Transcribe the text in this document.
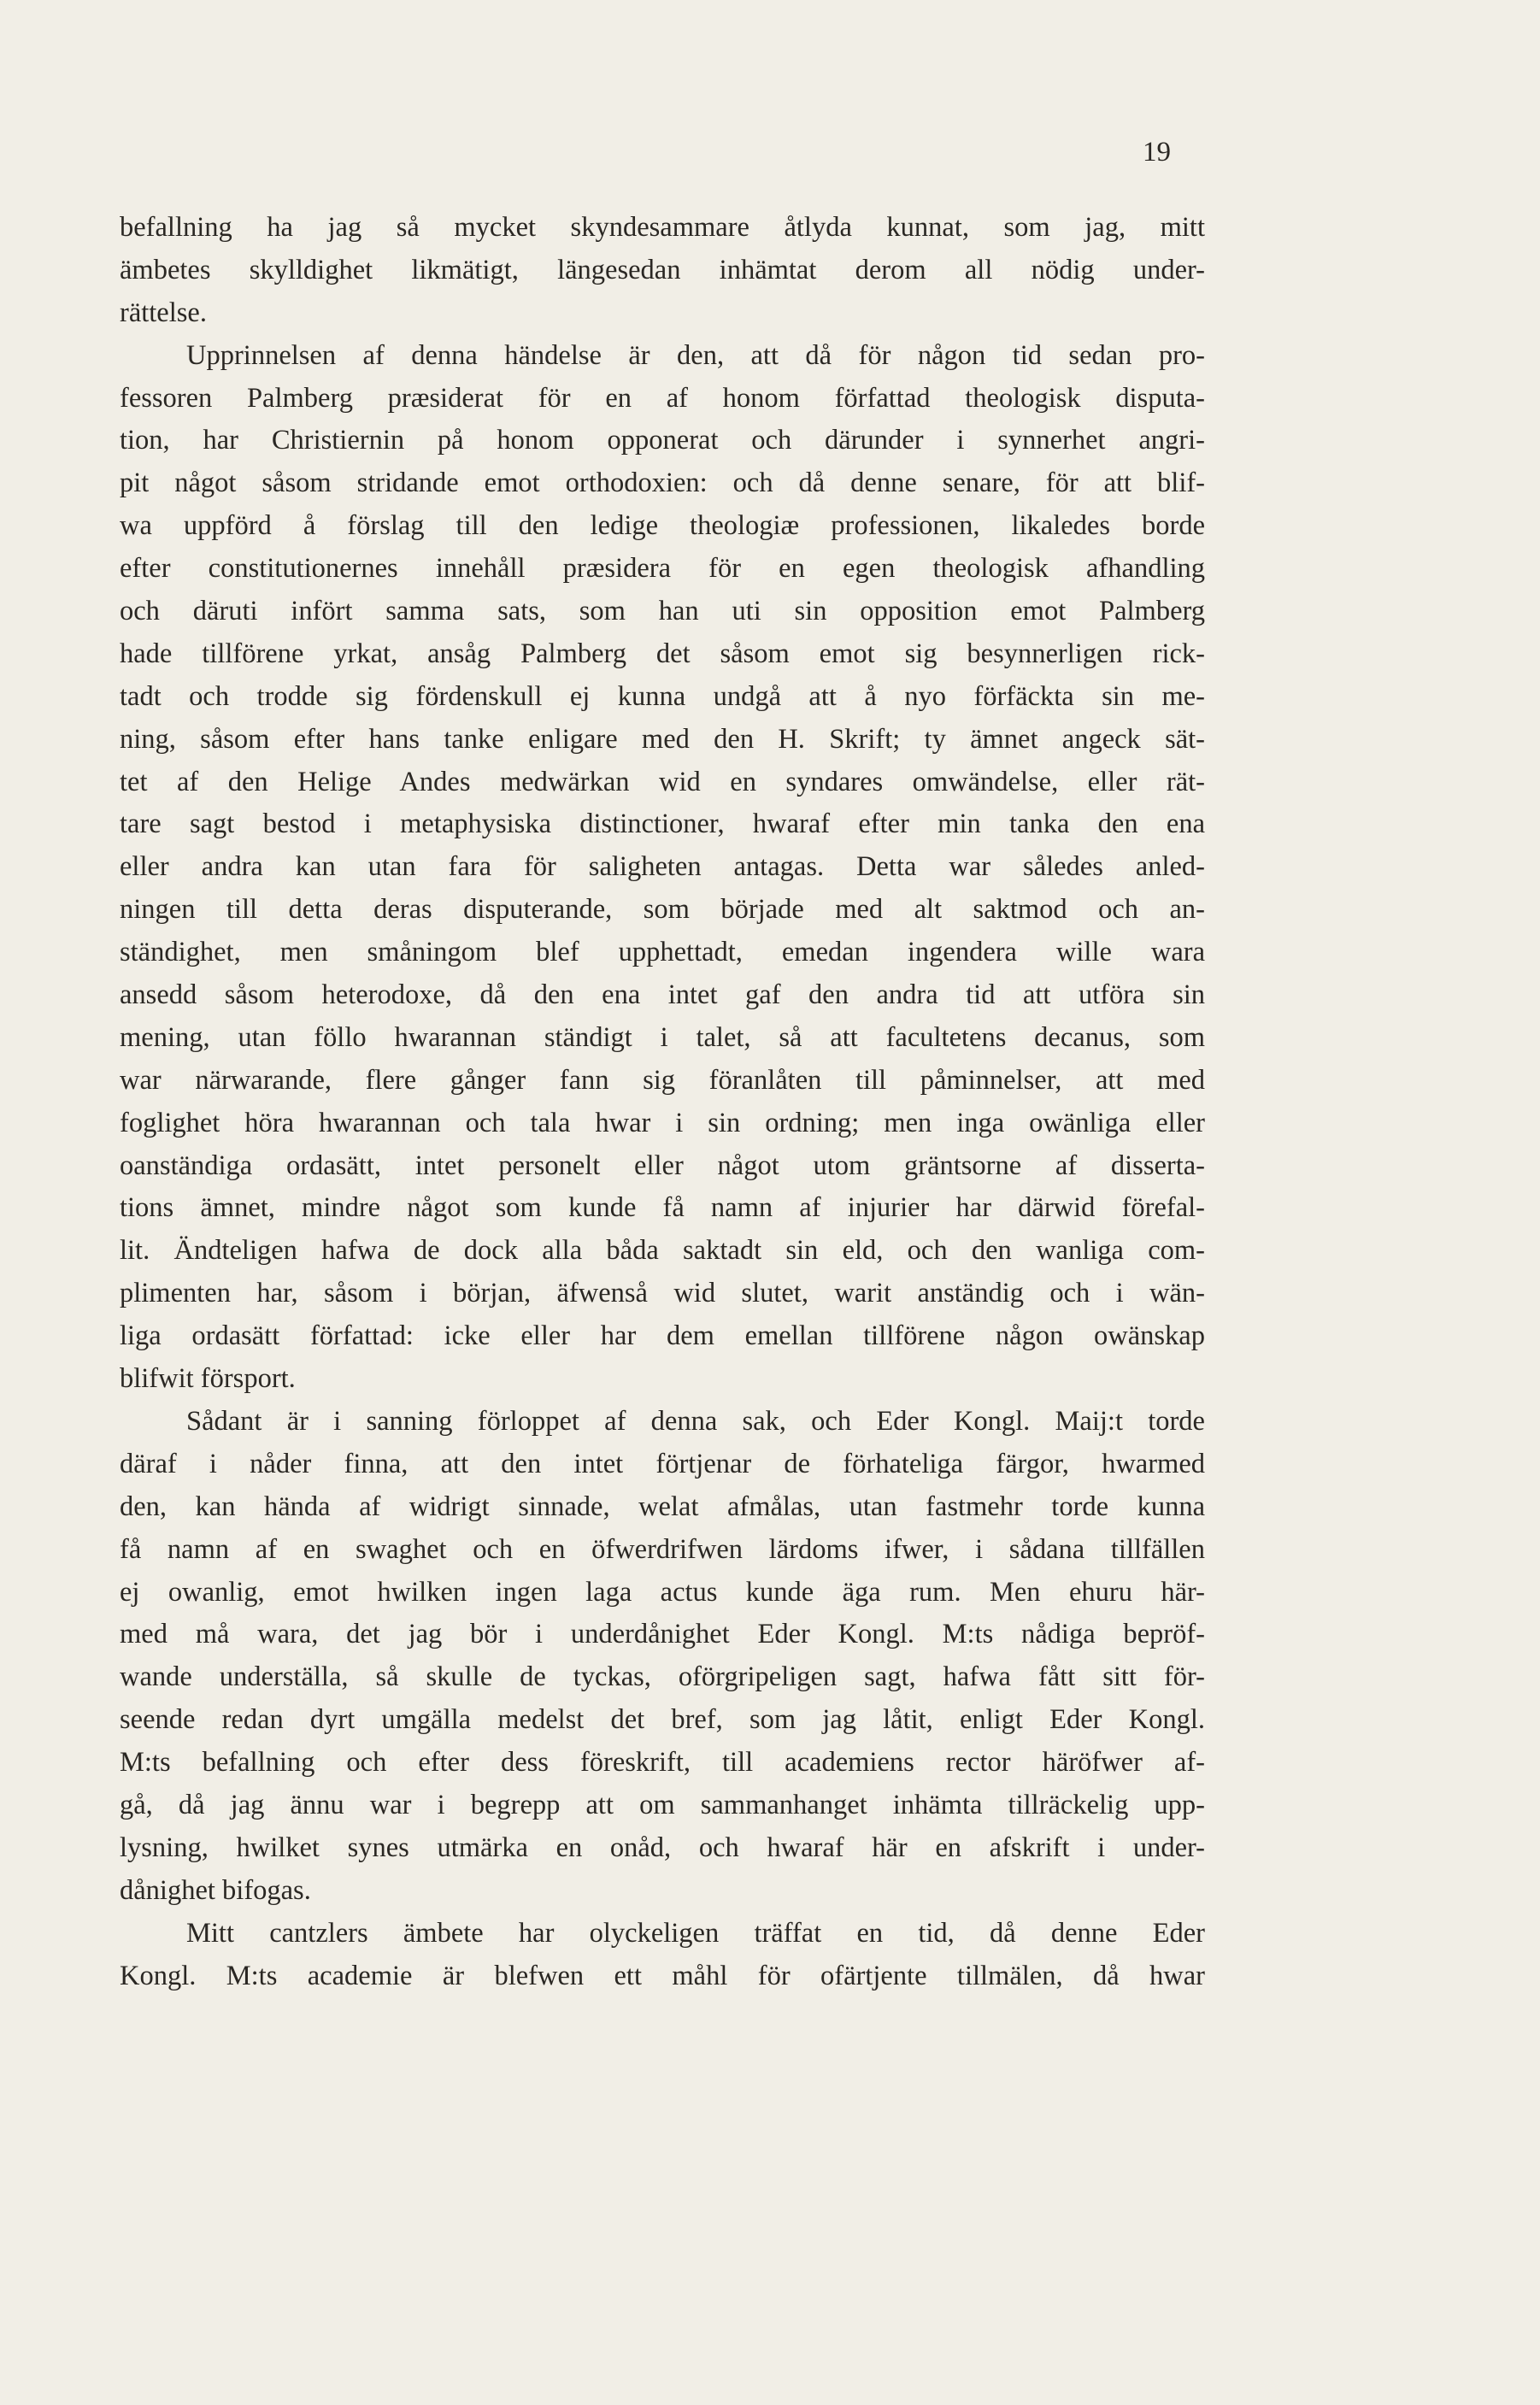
19
befallning ha jag så mycket skyndesammare åtlyda kunnat, som jag, mitt
ämbetes skylldighet likmätigt, längesedan inhämtat derom all nödig under-
rättelse.
Upprinnelsen af denna händelse är den, att då för någon tid sedan pro-
fessoren Palmberg præsiderat för en af honom författad theologisk disputa-
tion, har Christiernin på honom opponerat och därunder i synnerhet angri-
pit något såsom stridande emot orthodoxien: och då denne senare, för att blif-
wa uppförd å förslag till den ledige theologiæ professionen, likaledes borde
efter constitutionernes innehåll præsidera för en egen theologisk afhandling
och däruti infört samma sats, som han uti sin opposition emot Palmberg
hade tillförene yrkat, ansåg Palmberg det såsom emot sig besynnerligen rick-
tadt och trodde sig fördenskull ej kunna undgå att å nyo förfäckta sin me-
ning, såsom efter hans tanke enligare med den H. Skrift; ty ämnet angeck sät-
tet af den Helige Andes medwärkan wid en syndares omwändelse, eller rät-
tare sagt bestod i metaphysiska distinctioner, hwaraf efter min tanka den ena
eller andra kan utan fara för saligheten antagas. Detta war således anled-
ningen till detta deras disputerande, som började med alt saktmod och an-
ständighet, men småningom blef upphettadt, emedan ingendera wille wara
ansedd såsom heterodoxe, då den ena intet gaf den andra tid att utföra sin
mening, utan föllo hwarannan ständigt i talet, så att facultetens decanus, som
war närwarande, flere gånger fann sig föranlåten till påminnelser, att med
foglighet höra hwarannan och tala hwar i sin ordning; men inga owänliga eller
oanständiga ordasätt, intet personelt eller något utom gräntsorne af disserta-
tions ämnet, mindre något som kunde få namn af injurier har därwid förefal-
lit. Ändteligen hafwa de dock alla båda saktadt sin eld, och den wanliga com-
plimenten har, såsom i början, äfwenså wid slutet, warit anständig och i wän-
liga ordasätt författad: icke eller har dem emellan tillförene någon owänskap
blifwit försport.
Sådant är i sanning förloppet af denna sak, och Eder Kongl. Maij:t torde
däraf i nåder finna, att den intet förtjenar de förhateliga färgor, hwarmed
den, kan hända af widrigt sinnade, welat afmålas, utan fastmehr torde kunna
få namn af en swaghet och en öfwerdrifwen lärdoms ifwer, i sådana tillfällen
ej owanlig, emot hwilken ingen laga actus kunde äga rum. Men ehuru här-
med må wara, det jag bör i underdånighet Eder Kongl. M:ts nådiga bepröf-
wande underställa, så skulle de tyckas, oförgripeligen sagt, hafwa fått sitt för-
seende redan dyrt umgälla medelst det bref, som jag låtit, enligt Eder Kongl.
M:ts befallning och efter dess föreskrift, till academiens rector häröfwer af-
gå, då jag ännu war i begrepp att om sammanhanget inhämta tillräckelig upp-
lysning, hwilket synes utmärka en onåd, och hwaraf här en afskrift i under-
dånighet bifogas.
Mitt cantzlers ämbete har olyckeligen träffat en tid, då denne Eder
Kongl. M:ts academie är blefwen ett måhl för ofärtjente tillmälen, då hwar
